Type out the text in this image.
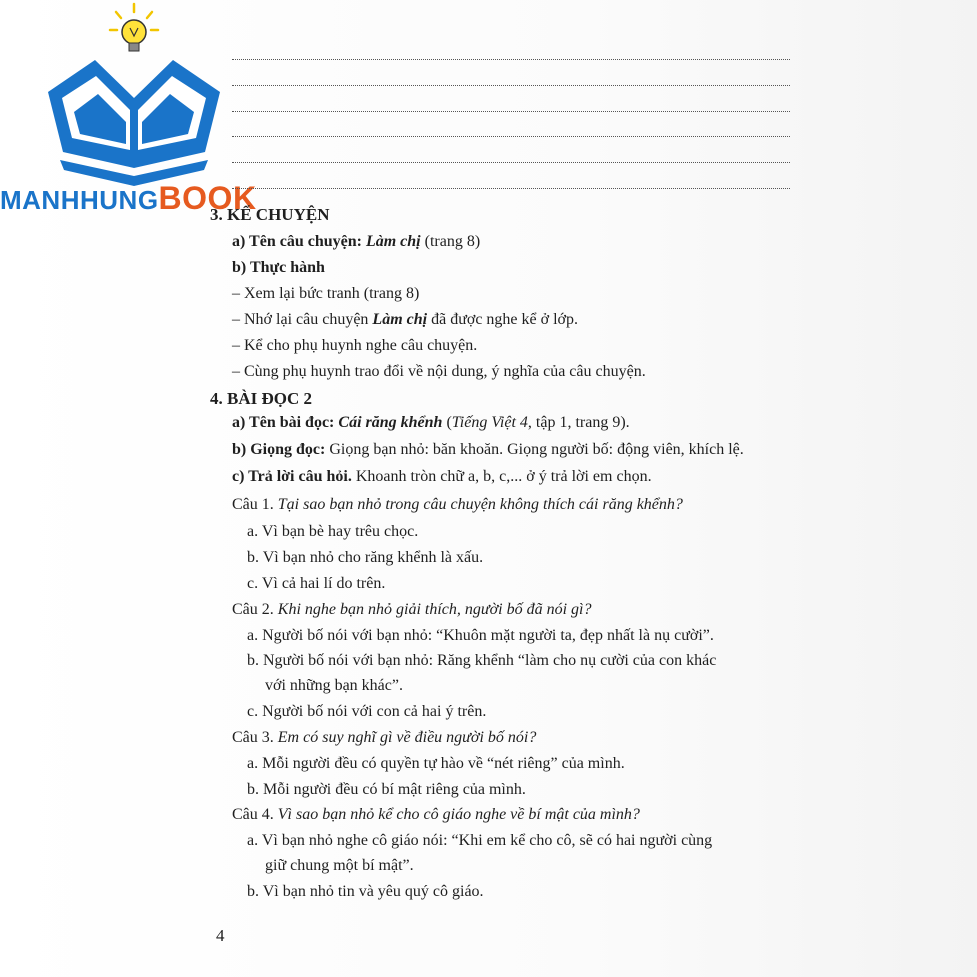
MANHHUNGBOOK
3. KỂ CHUYỆN
a) Tên câu chuyện: Làm chị (trang 8)
b) Thực hành
– Xem lại bức tranh (trang 8)
– Nhớ lại câu chuyện Làm chị đã được nghe kể ở lớp.
– Kể cho phụ huynh nghe câu chuyện.
– Cùng phụ huynh trao đổi về nội dung, ý nghĩa của câu chuyện.
4. BÀI ĐỌC 2
a) Tên bài đọc: Cái răng khểnh (Tiếng Việt 4, tập 1, trang 9).
b) Giọng đọc: Giọng bạn nhỏ: băn khoăn. Giọng người bố: động viên, khích lệ.
c) Trả lời câu hỏi. Khoanh tròn chữ a, b, c,... ở ý trả lời em chọn.
Câu 1. Tại sao bạn nhỏ trong câu chuyện không thích cái răng khểnh?
a. Vì bạn bè hay trêu chọc.
b. Vì bạn nhỏ cho răng khểnh là xấu.
c. Vì cả hai lí do trên.
Câu 2. Khi nghe bạn nhỏ giải thích, người bố đã nói gì?
a. Người bố nói với bạn nhỏ: “Khuôn mặt người ta, đẹp nhất là nụ cười”.
b. Người bố nói với bạn nhỏ: Răng khểnh “làm cho nụ cười của con khác
với những bạn khác”.
c. Người bố nói với con cả hai ý trên.
Câu 3. Em có suy nghĩ gì về điều người bố nói?
a. Mỗi người đều có quyền tự hào về “nét riêng” của mình.
b. Mỗi người đều có bí mật riêng của mình.
Câu 4. Vì sao bạn nhỏ kể cho cô giáo nghe về bí mật của mình?
a. Vì bạn nhỏ nghe cô giáo nói: “Khi em kể cho cô, sẽ có hai người cùng
giữ chung một bí mật”.
b. Vì bạn nhỏ tin và yêu quý cô giáo.
4
